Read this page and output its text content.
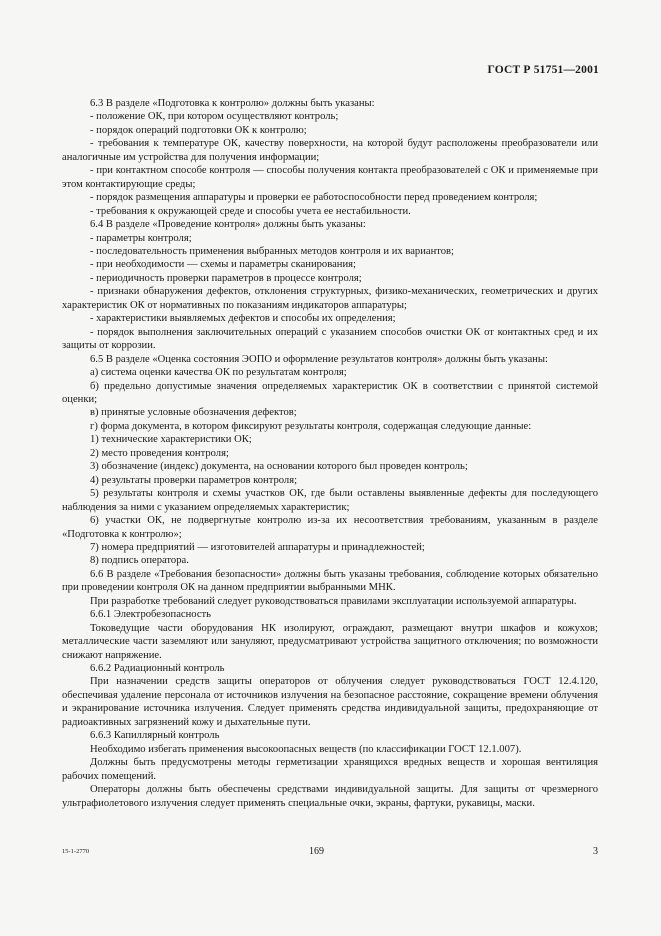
ГОСТ Р 51751—2001

6.3 В разделе «Подготовка к контролю» должны быть указаны:

- положение ОК, при котором осуществляют контроль;

- порядок операций подготовки ОК к контролю;

- требования к температуре ОК, качеству поверхности, на которой будут расположены преобразователи или аналогичные им устройства для получения информации;

- при контактном способе контроля — способы получения контакта преобразователей с ОК и применяемые при этом контактирующие среды;

- порядок размещения аппаратуры и проверки ее работоспособности перед проведением контроля;

- требования к окружающей среде и способы учета ее нестабильности.

6.4 В разделе «Проведение контроля» должны быть указаны:

- параметры контроля;

- последовательность применения выбранных методов контроля и их вариантов;

- при необходимости — схемы и параметры сканирования;

- периодичность проверки параметров в процессе контроля;

- признаки обнаружения дефектов, отклонения структурных, физико-механических, геометрических и других характеристик ОК от нормативных по показаниям индикаторов аппаратуры;

- характеристики выявляемых дефектов и способы их определения;

- порядок выполнения заключительных операций с указанием способов очистки ОК от контактных сред и их защиты от коррозии.

6.5 В разделе «Оценка состояния ЭОПО и оформление результатов контроля» должны быть указаны:

а) система оценки качества ОК по результатам контроля;

б) предельно допустимые значения определяемых характеристик ОК в соответствии с принятой системой оценки;

в) принятые условные обозначения дефектов;

г) форма документа, в котором фиксируют результаты контроля, содержащая следующие данные:

1) технические характеристики ОК;

2) место проведения контроля;

3) обозначение (индекс) документа, на основании которого был проведен контроль;

4) результаты проверки параметров контроля;

5) результаты контроля и схемы участков ОК, где были оставлены выявленные дефекты для последующего наблюдения за ними с указанием определяемых характеристик;

6) участки ОК, не подвергнутые контролю из-за их несоответствия требованиям, указанным в разделе «Подготовка к контролю»;

7) номера предприятий — изготовителей аппаратуры и принадлежностей;

8) подпись оператора.

6.6 В разделе «Требования безопасности» должны быть указаны требования, соблюдение которых обязательно при проведении контроля ОК на данном предприятии выбранными МНК.

При разработке требований следует руководствоваться правилами эксплуатации используемой аппаратуры.

6.6.1 Электробезопасность

Токоведущие части оборудования НК изолируют, ограждают, размещают внутри шкафов и кожухов; металлические части заземляют или зануляют, предусматривают устройства защитного отключения; по возможности снижают напряжение.

6.6.2 Радиационный контроль

При назначении средств защиты операторов от облучения следует руководствоваться ГОСТ 12.4.120, обеспечивая удаление персонала от источников излучения на безопасное расстояние, сокращение времени облучения и экранирование источника излучения. Следует применять средства индивидуальной защиты, предохраняющие от радиоактивных загрязнений кожу и дыхательные пути.

6.6.3 Капиллярный контроль

Необходимо избегать применения высокоопасных веществ (по классификации ГОСТ 12.1.007).

Должны быть предусмотрены методы герметизации хранящихся вредных веществ и хорошая вентиляция рабочих помещений.

Операторы должны быть обеспечены средствами индивидуальной защиты. Для защиты от чрезмерного ультрафиолетового излучения следует применять специальные очки, экраны, фартуки, рукавицы, маски.

15-1-2770	169	3
